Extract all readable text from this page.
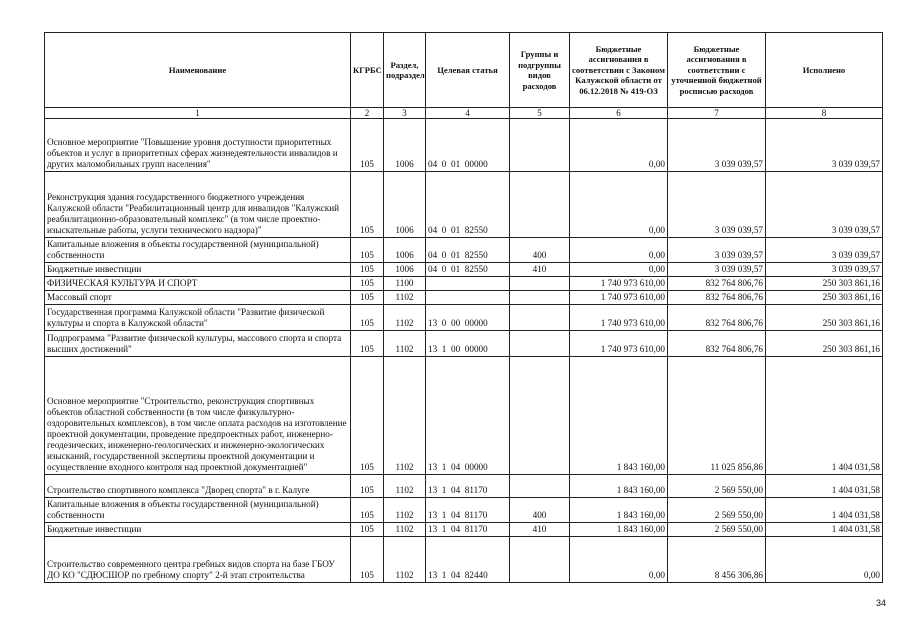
Наименование	КГРБС	Раздел, подраздел	Целевая статья	Группы и подгруппы видов расходов	Бюджетные ассигнования в соответствии с Законом Калужской области от 06.12.2018 № 419-ОЗ	Бюджетные ассигнования в соответствии с уточненной бюджетной росписью расходов	Исполнено
1	2	3	4	5	6	7	8
Основное мероприятие "Повышение уровня доступности приоритетных объектов и услуг в приоритетных сферах жизнедеятельности инвалидов и других маломобильных групп населения"	105	1006	04  0  01  00000		0,00	3 039 039,57	3 039 039,57
Реконструкция здания государственного бюджетного учреждения Калужской области "Реабилитационный центр для инвалидов "Калужский реабилитационно-образовательный комплекс" (в том числе проектно-изыскательные работы, услуги технического надзора)"	105	1006	04  0  01  82550		0,00	3 039 039,57	3 039 039,57
Капитальные вложения в объекты государственной (муниципальной) собственности	105	1006	04  0  01  82550	400	0,00	3 039 039,57	3 039 039,57
Бюджетные инвестиции	105	1006	04  0  01  82550	410	0,00	3 039 039,57	3 039 039,57
ФИЗИЧЕСКАЯ КУЛЬТУРА И СПОРТ	105	1100			1 740 973 610,00	832 764 806,76	250 303 861,16
Массовый спорт	105	1102			1 740 973 610,00	832 764 806,76	250 303 861,16
Государственная программа Калужской области "Развитие физической культуры и спорта в Калужской области"	105	1102	13  0  00  00000		1 740 973 610,00	832 764 806,76	250 303 861,16
Подпрограмма "Развитие физической культуры, массового спорта и спорта высших достижений"	105	1102	13  1  00  00000		1 740 973 610,00	832 764 806,76	250 303 861,16
Основное мероприятие "Строительство, реконструкция спортивных объектов областной собственности (в том числе физкультурно-оздоровительных комплексов), в том числе оплата расходов на изготовление проектной документации, проведение предпроектных работ, инженерно-геодезических, инженерно-геологических и инженерно-экологических изысканий, государственной экспертизы проектной документации и осуществление входного контроля над проектной документацией"	105	1102	13  1  04  00000		1 843 160,00	11 025 856,86	1 404 031,58
Строительство спортивного комплекса "Дворец спорта" в г. Калуге	105	1102	13  1  04  81170		1 843 160,00	2 569 550,00	1 404 031,58
Капитальные вложения в объекты государственной (муниципальной) собственности	105	1102	13  1  04  81170	400	1 843 160,00	2 569 550,00	1 404 031,58
Бюджетные инвестиции	105	1102	13  1  04  81170	410	1 843 160,00	2 569 550,00	1 404 031,58
Строительство современного центра гребных видов спорта на базе ГБОУ ДО КО "СДЮСШОР по гребному спорту" 2-й этап строительства	105	1102	13  1  04  82440		0,00	8 456 306,86	0,00
34
